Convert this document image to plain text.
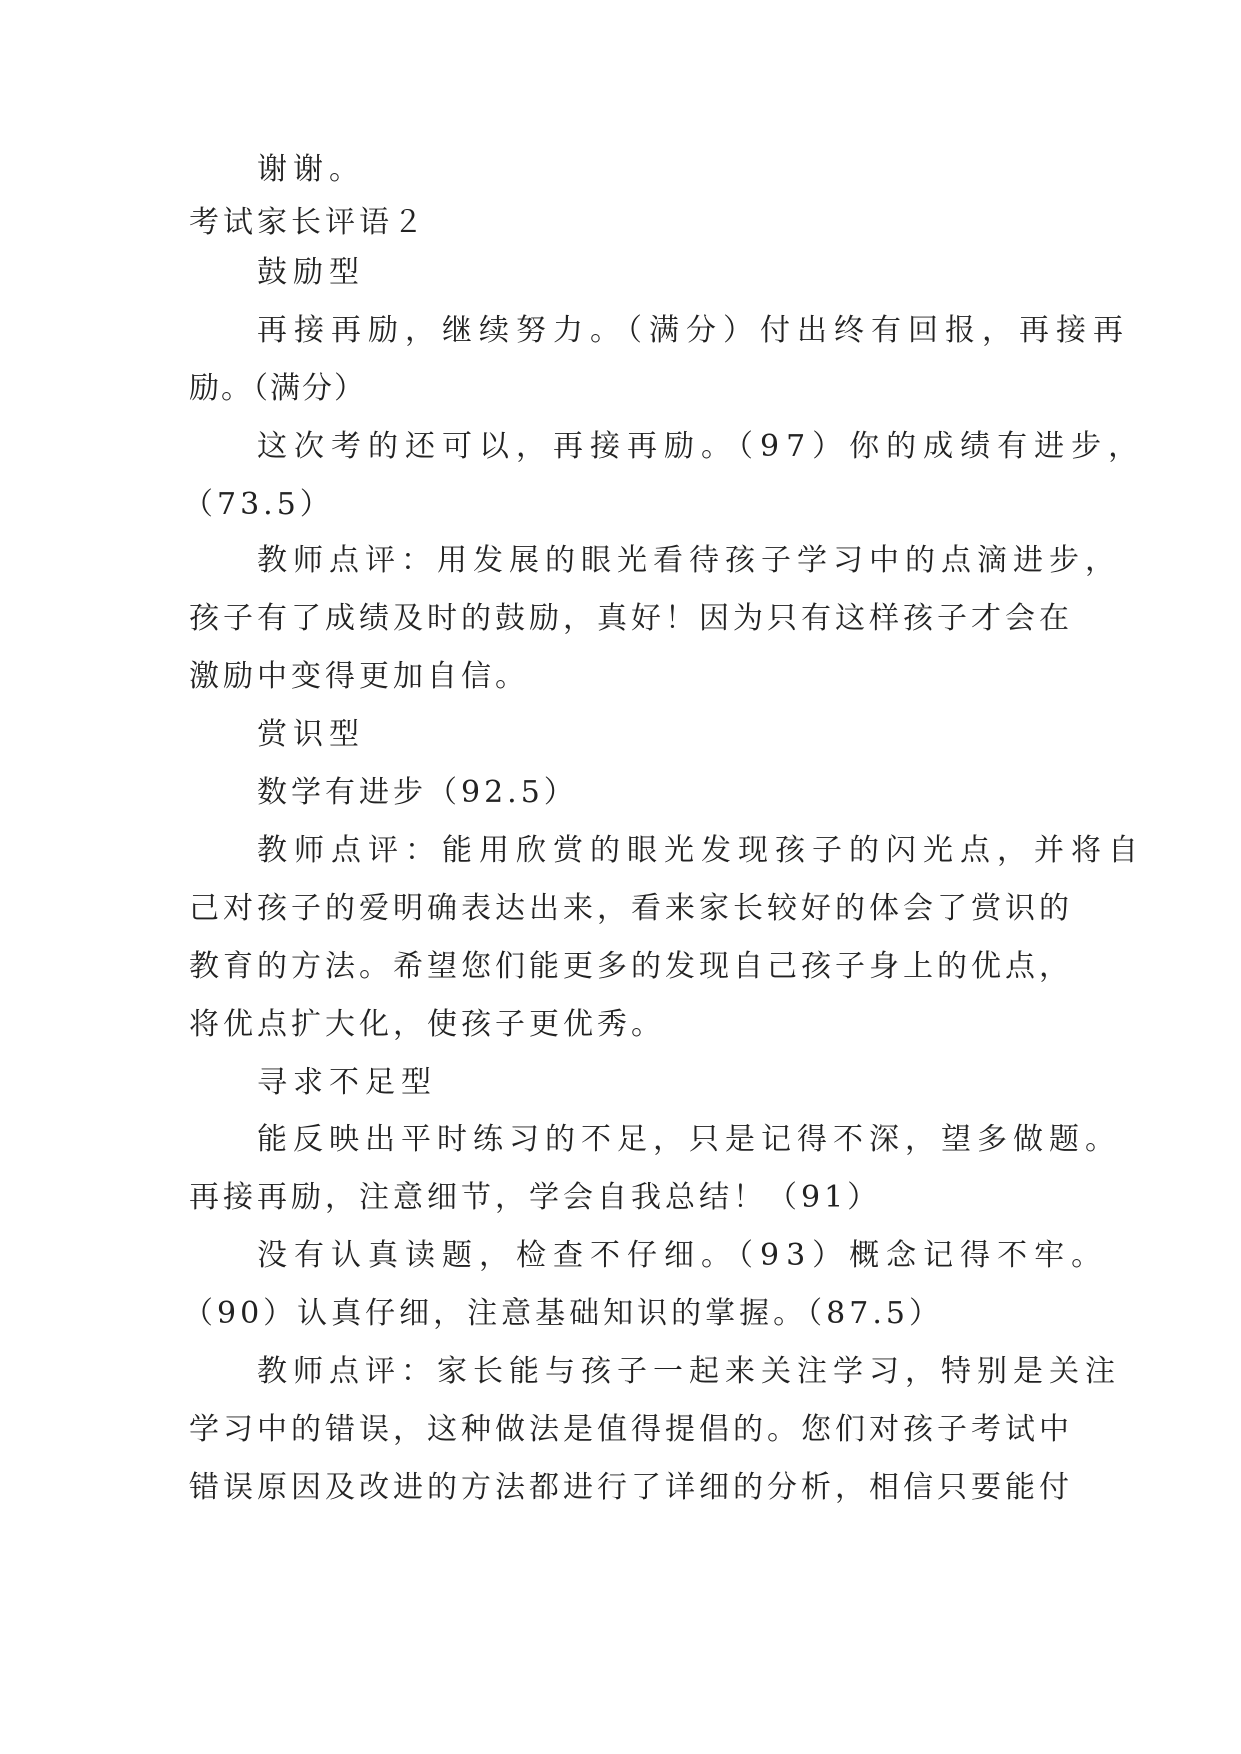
谢谢。

考试家长评语２

鼓励型

再接再励，继续努力。（满分）付出终有回报，再接再

励。（满分）

这次考的还可以，再接再励。（97）你的成绩有进步，

（73.5）

教师点评：用发展的眼光看待孩子学习中的点滴进步，

孩子有了成绩及时的鼓励，真好！因为只有这样孩子才会在

激励中变得更加自信。

赏识型

数学有进步（92.5）

教师点评：能用欣赏的眼光发现孩子的闪光点，并将自

己对孩子的爱明确表达出来，看来家长较好的体会了赏识的

教育的方法。希望您们能更多的发现自己孩子身上的优点，

将优点扩大化，使孩子更优秀。

寻求不足型

能反映出平时练习的不足，只是记得不深，望多做题。

再接再励，注意细节，学会自我总结！（91）

没有认真读题，检查不仔细。（93）概念记得不牢。

（90）认真仔细，注意基础知识的掌握。（87.5）

教师点评：家长能与孩子一起来关注学习，特别是关注

学习中的错误，这种做法是值得提倡的。您们对孩子考试中

错误原因及改进的方法都进行了详细的分析，相信只要能付
